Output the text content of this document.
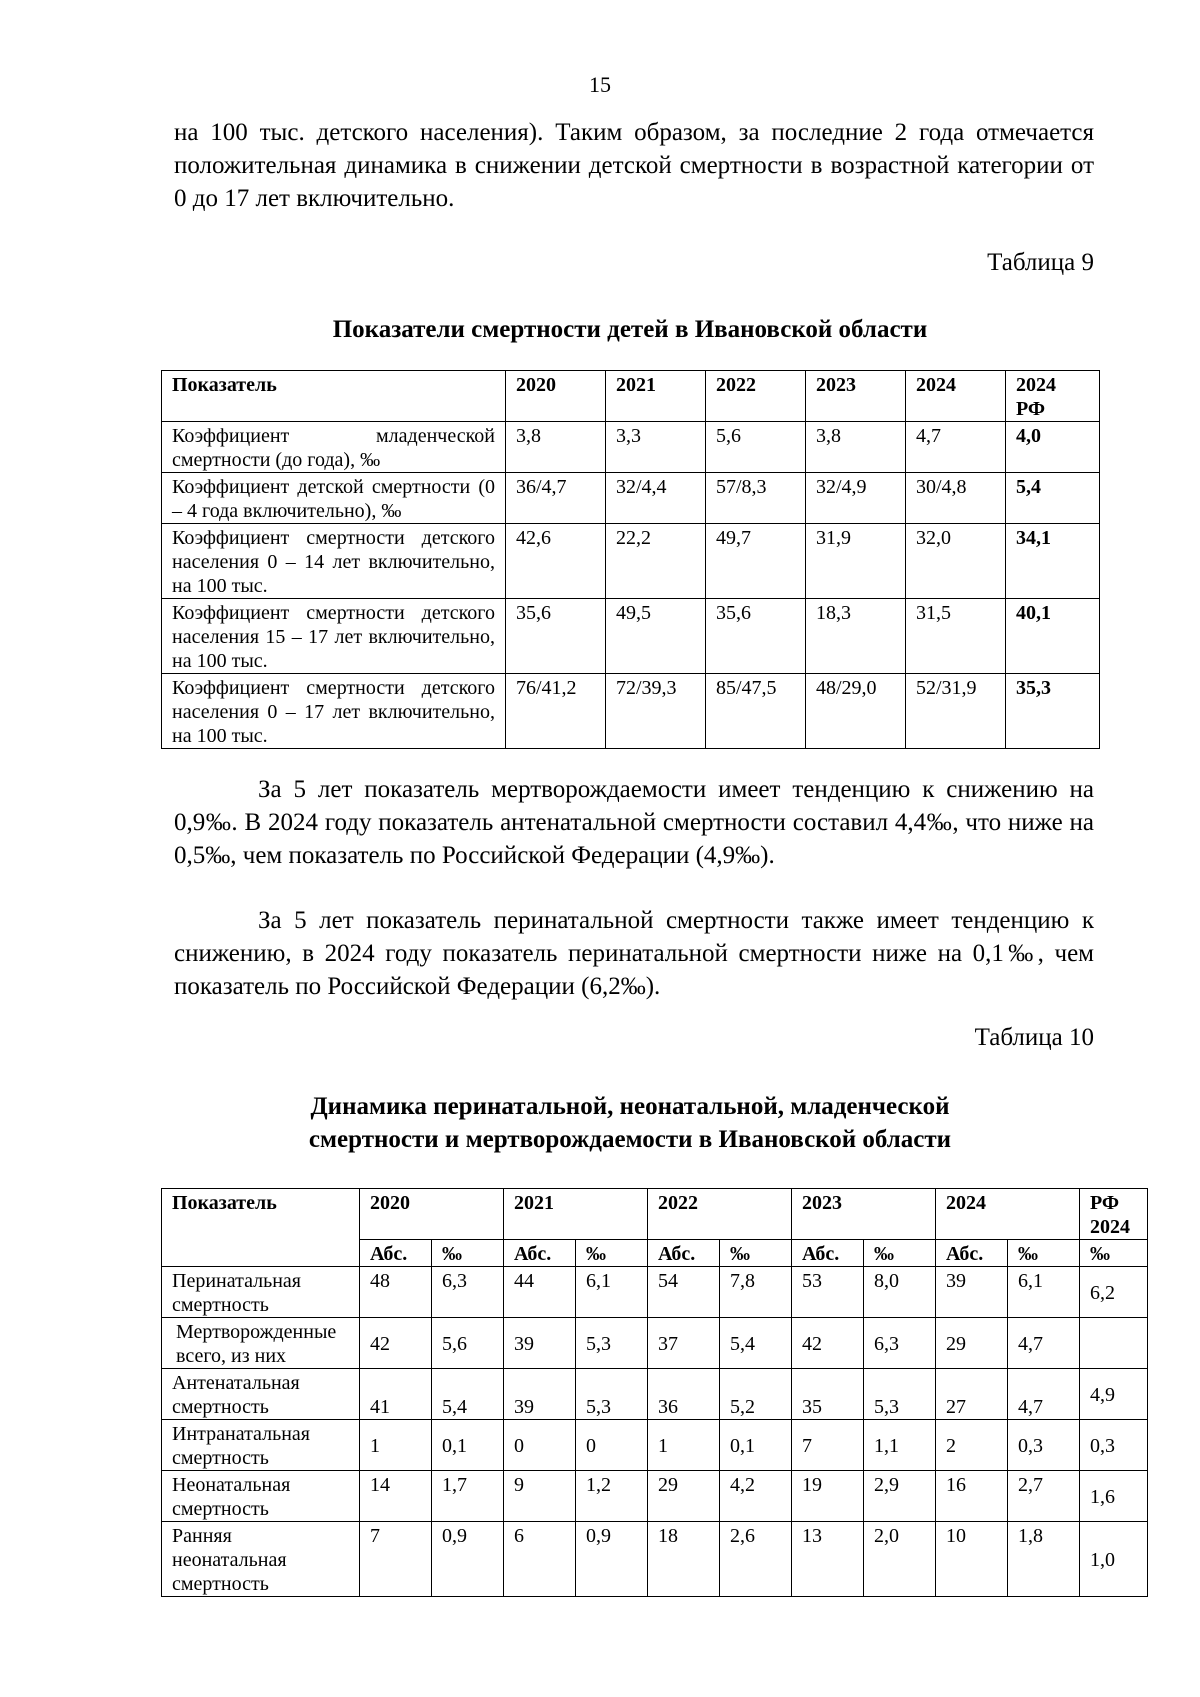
15

на 100 тыс. детского населения). Таким образом, за последние 2 года отмечается положительная динамика в снижении детской смертности в возрастной категории от 0 до 17 лет включительно.

Таблица 9
Показатели смертности детей в Ивановской области
Показатель	2020	2021	2022	2023	2024	2024 РФ
Коэффициент младенческой смертности (до года), ‰	3,8	3,3	5,6	3,8	4,7	4,0
Коэффициент детской смертности (0 – 4 года включительно), ‰	36/4,7	32/4,4	57/8,3	32/4,9	30/4,8	5,4
Коэффициент смертности детского населения 0 – 14 лет включительно, на 100 тыс.	42,6	22,2	49,7	31,9	32,0	34,1
Коэффициент смертности детского населения 15 – 17 лет включительно, на 100 тыс.	35,6	49,5	35,6	18,3	31,5	40,1
Коэффициент смертности детского населения 0 – 17 лет включительно, на 100 тыс.	76/41,2	72/39,3	85/47,5	48/29,0	52/31,9	35,3

За 5 лет показатель мертворождаемости имеет тенденцию к снижению на 0,9‰. В 2024 году показатель антенатальной смертности составил 4,4‰, что ниже на 0,5‰, чем показатель по Российской Федерации (4,9‰).

За 5 лет показатель перинатальной смертности также имеет тенденцию к снижению, в 2024 году показатель перинатальной смертности ниже на 0,1‰, чем показатель по Российской Федерации (6,2‰).

Таблица 10
Динамика перинатальной, неонатальной, младенческой
смертности и мертворождаемости в Ивановской области
Показатель	2020		2021		2022		2023		2024		РФ 2024
	Абс.	‰	Абс.	‰	Абс.	‰	Абс.	‰	Абс.	‰	‰
Перинатальная смертность	48	6,3	44	6,1	54	7,8	53	8,0	39	6,1	6,2
Мертворожденные всего, из них	42	5,6	39	5,3	37	5,4	42	6,3	29	4,7	
Антенатальная смертность	41	5,4	39	5,3	36	5,2	35	5,3	27	4,7	4,9
Интранатальная смертность	1	0,1	0	0	1	0,1	7	1,1	2	0,3	0,3
Неонатальная смертность	14	1,7	9	1,2	29	4,2	19	2,9	16	2,7	1,6
Ранняя неонатальная смертность	7	0,9	6	0,9	18	2,6	13	2,0	10	1,8	1,0
